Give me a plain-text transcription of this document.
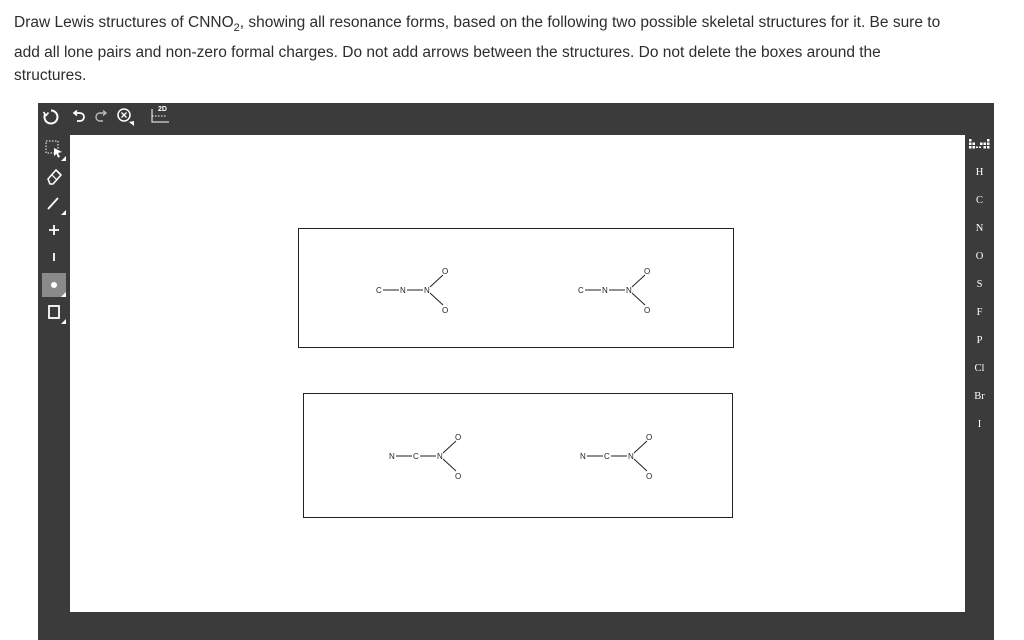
Draw Lewis structures of $CNNO_2$, showing all resonance forms, based on the following two possible skeletal structures for it. Be sure to
add all lone pairs and non-zero formal charges. Do not add arrows between the structures. Do not delete the boxes around the
structures.
2D
C N N
O
O
C N N
O
O
N C N
O
O
N C N
O
O
H
C
N
O
S
F
P
Cl
Br
I
